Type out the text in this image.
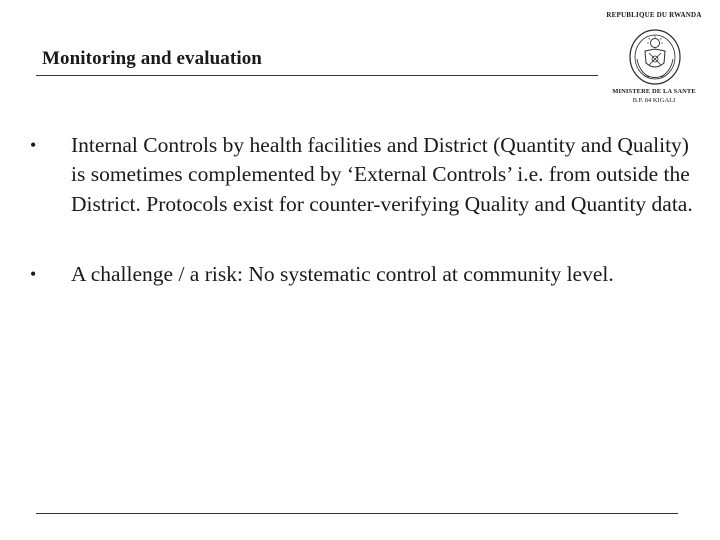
Monitoring and evaluation
REPUBLIQUE DU RWANDA
MINISTERE DE LA SANTE
B.P. 84 KIGALI
• Internal Controls by health facilities and District (Quantity and Quality) is sometimes complemented by ‘External Controls’ i.e. from outside the District. Protocols exist for counter-verifying Quality and Quantity data.
• A challenge / a risk: No systematic control at community level.
